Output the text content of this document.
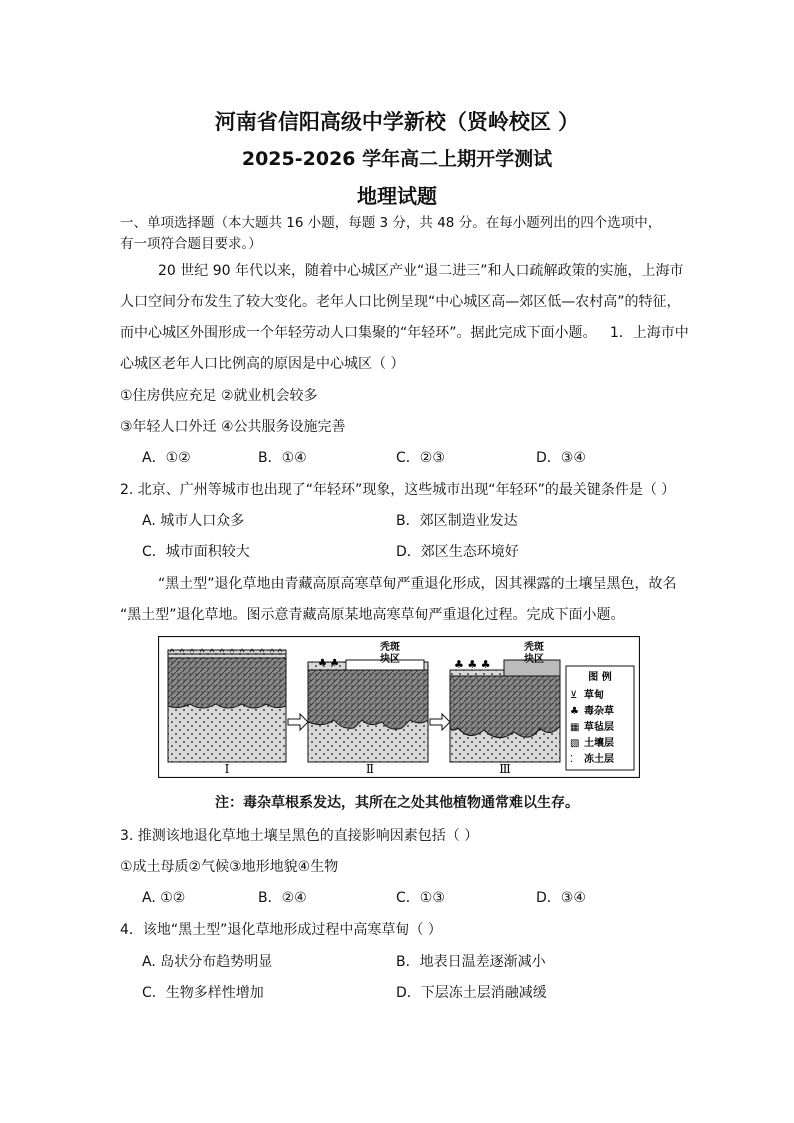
河南省信阳高级中学新校（贤岭校区 ）
2025-2026 学年高二上期开学测试
地理试题
一、单项选择题（本大题共 16 小题，每题 3 分，共 48 分。在每小题列出的四个选项中，
有一项符合题目要求。）
20 世纪 90 年代以来，随着中心城区产业“退二进三”和人口疏解政策的实施，上海市
人口空间分布发生了较大变化。老年人口比例呈现“中心城区高—郊区低—农村高”的特征，
而中心城区外围形成一个年轻劳动人口集聚的“年轻环”。据此完成下面小题。 1．上海市中
心城区老年人口比例高的原因是中心城区（ ）
①住房供应充足 ②就业机会较多
③年轻人口外迁 ④公共服务设施完善
A．①②	B．①④	C．②③	D．③④
2. 北京、广州等城市也出现了“年轻环”现象，这些城市出现“年轻环”的最关键条件是（ ）
A. 城市人口众多	B．郊区制造业发达
C．城市面积较大	D．郊区生态环境好
“黑土型”退化草地由青藏高原高寒草甸严重退化形成，因其裸露的土壤呈黑色，故名
“黑土型”退化草地。图示意青藏高原某地高寒草甸严重退化过程。完成下面小题。
Ⅰ
秃斑
块区
♣ ♣
Ⅱ
秃斑
块区
♣ ♣ ♣
Ⅲ
图 例
⊻ 草甸
♣ 毒杂草
▦ 草毡层
▧ 土壤层
⁚ 冻土层
注：毒杂草根系发达，其所在之处其他植物通常难以生存。
3. 推测该地退化草地土壤呈黑色的直接影响因素包括（ ）
①成土母质②气候③地形地貌④生物
A. ①②	B．②④	C．①③	D．③④
4．该地“黑土型”退化草地形成过程中高寒草甸（ ）
A. 岛状分布趋势明显	B．地表日温差逐渐减小
C．生物多样性增加	D．下层冻土层消融减缓
